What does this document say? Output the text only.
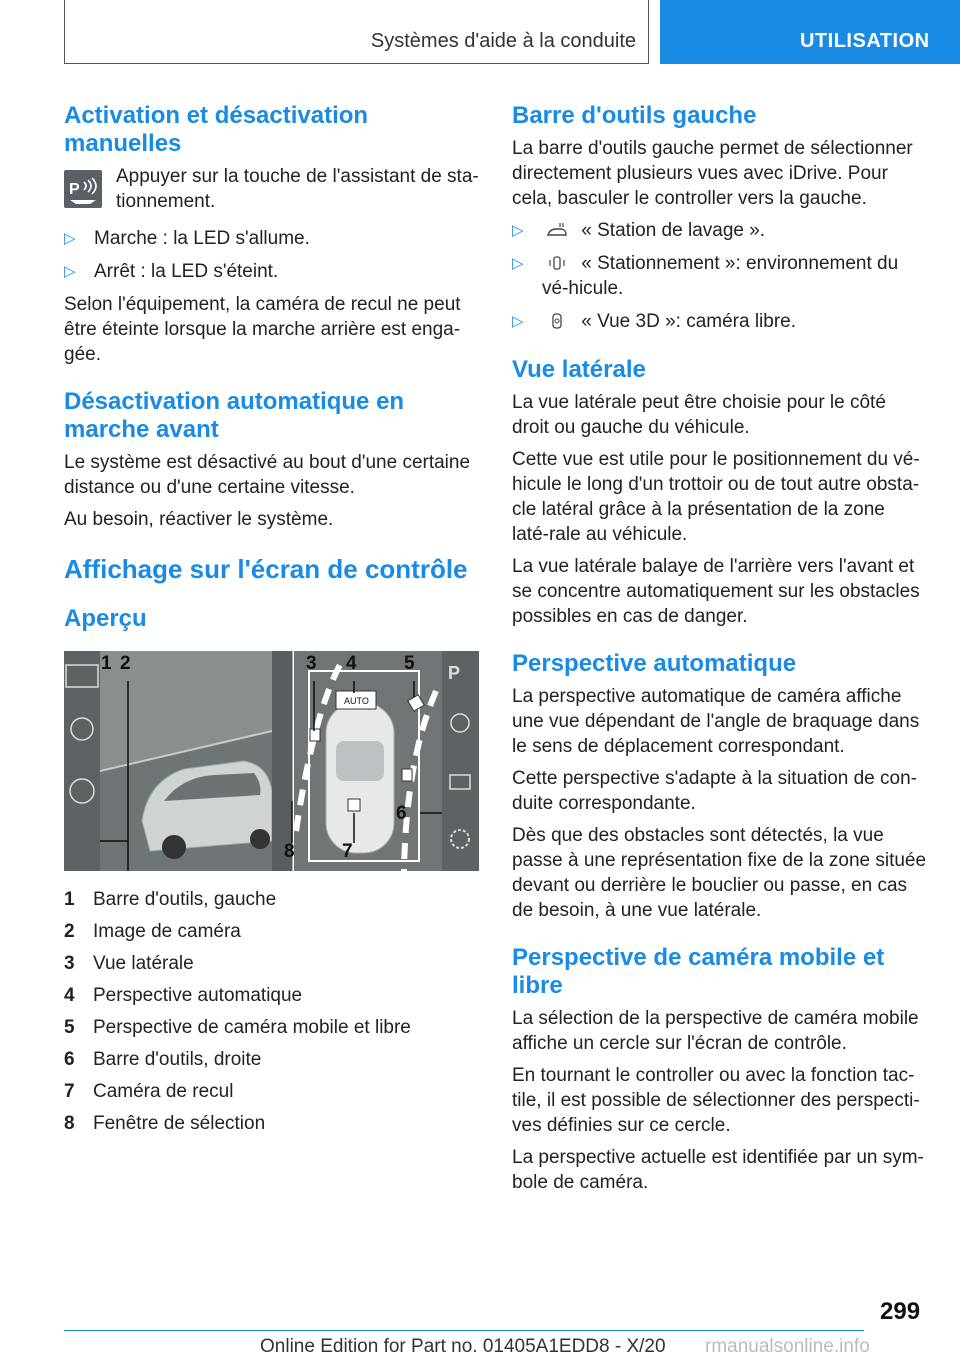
Systèmes d'aide à la conduite	UTILISATION
Activation et désactivation manuelles
P
Appuyer sur la touche de l'assistant de sta‐tionnement.
▷ Marche : la LED s'allume.
▷ Arrêt : la LED s'éteint.

Selon l'équipement, la caméra de recul ne peut être éteinte lorsque la marche arrière est enga‐gée.

Désactivation automatique en marche avant

Le système est désactivé au bout d'une certaine distance ou d'une certaine vitesse.

Au besoin, réactiver le système.

Affichage sur l'écran de contrôle
Aperçu
AUTO
P
1 2	3 4 5
6
7
8
1 Barre d'outils, gauche
2 Image de caméra
3 Vue latérale
4 Perspective automatique
5 Perspective de caméra mobile et libre
6 Barre d'outils, droite
7 Caméra de recul
8 Fenêtre de sélection
Barre d'outils gauche

La barre d'outils gauche permet de sélectionner directement plusieurs vues avec iDrive. Pour cela, basculer le controller vers la gauche.

▷	« Station de lavage ».
▷	« Stationnement »: environnement du vé‐hicule.
▷	« Vue 3D »: caméra libre.
Vue latérale

La vue latérale peut être choisie pour le côté droit ou gauche du véhicule.

Cette vue est utile pour le positionnement du vé‐hicule le long d'un trottoir ou de tout autre obsta‐cle latéral grâce à la présentation de la zone laté‐rale au véhicule.

La vue latérale balaye de l'arrière vers l'avant et se concentre automatiquement sur les obstacles possibles en cas de danger.

Perspective automatique

La perspective automatique de caméra affiche une vue dépendant de l'angle de braquage dans le sens de déplacement correspondant.

Cette perspective s'adapte à la situation de con‐duite correspondante.

Dès que des obstacles sont détectés, la vue passe à une représentation fixe de la zone située devant ou derrière le bouclier ou passe, en cas de besoin, à une vue latérale.

Perspective de caméra mobile et libre

La sélection de la perspective de caméra mobile affiche un cercle sur l'écran de contrôle.

En tournant le controller ou avec la fonction tac‐tile, il est possible de sélectionner des perspecti‐ves définies sur ce cercle.

La perspective actuelle est identifiée par un sym‐bole de caméra.

299
Online Edition for Part no. 01405A1EDD8 - X/20 rmanualsonline.info
